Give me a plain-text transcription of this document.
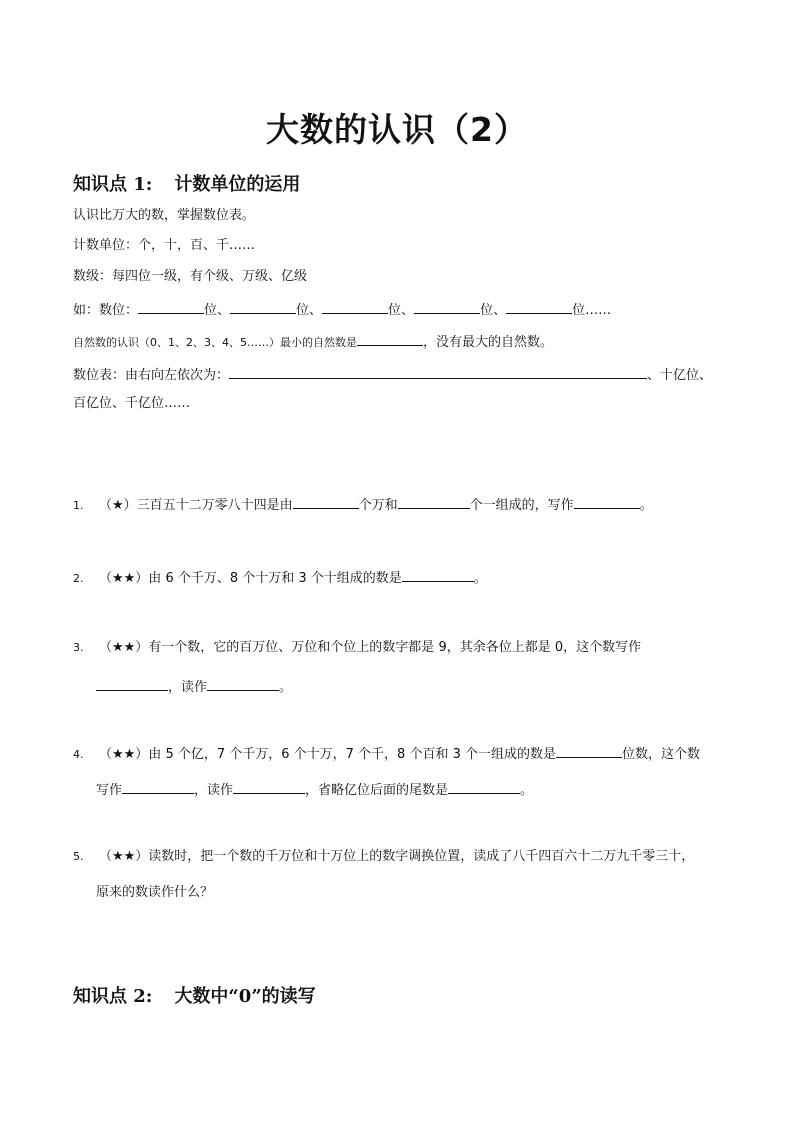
大数的认识（2）
知识点 1: 计数单位的运用
认识比万大的数，掌握数位表。
计数单位：个，十，百、千……
数级：每四位一级，有个级、万级、亿级
如：数位：	位、	位、	位、	位、	位……
自然数的认识（0、1、2、3、4、5……）最小的自然数是	，没有最大的自然数。
数位表：由右向左依次为：	、十亿位、
百亿位、千亿位……
1. （★）三百五十二万零八十四是由	个万和	个一组成的，写作	。
2. （★★）由 6 个千万、8 个十万和 3 个十组成的数是	。
3. （★★）有一个数，它的百万位、万位和个位上的数字都是 9，其余各位上都是 0，这个数写作
，读作	。
4. （★★）由 5 个亿，7 个千万，6 个十万，7 个千，8 个百和 3 个一组成的数是	位数，这个数
写作	，读作	，省略亿位后面的尾数是	。
5. （★★）读数时，把一个数的千万位和十万位上的数字调换位置，读成了八千四百六十二万九千零三十，
原来的数读作什么？
知识点 2: 大数中“0”的读写
